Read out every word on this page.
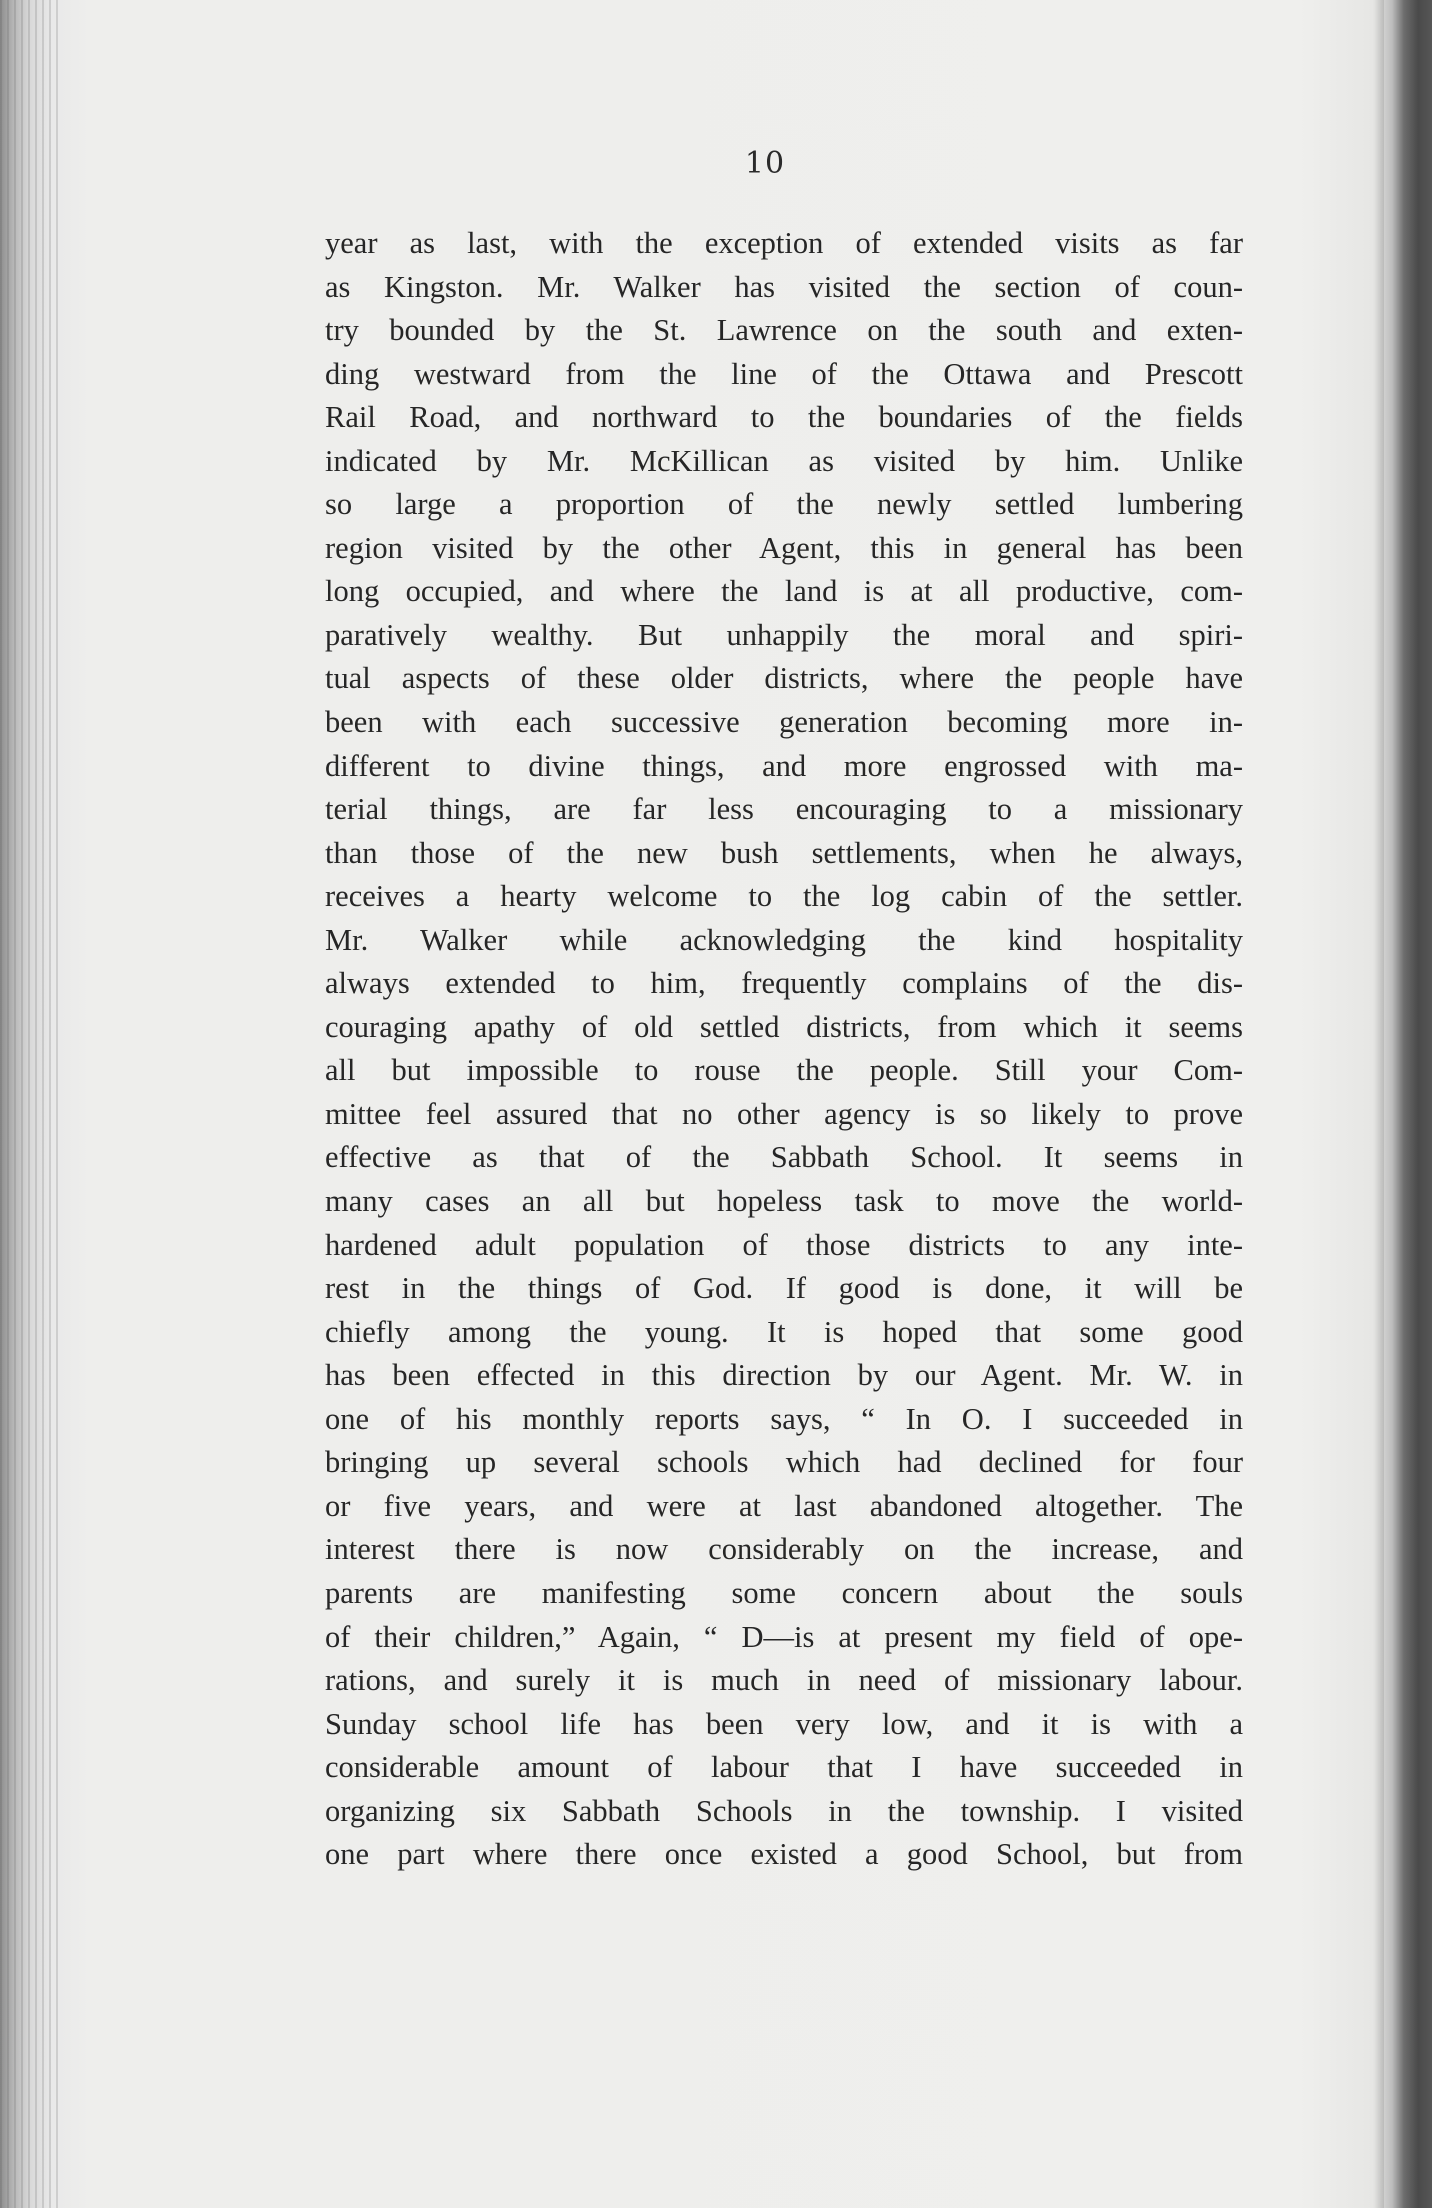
10
year as last, with the exception of extended visits as far
as Kingston. Mr. Walker has visited the section of coun-
try bounded by the St. Lawrence on the south and exten-
ding westward from the line of the Ottawa and Prescott
Rail Road, and northward to the boundaries of the fields
indicated by Mr. McKillican as visited by him. Unlike
so large a proportion of the newly settled lumbering
region visited by the other Agent, this in general has been
long occupied, and where the land is at all productive, com-
paratively wealthy. But unhappily the moral and spiri-
tual aspects of these older districts, where the people have
been with each successive generation becoming more in-
different to divine things, and more engrossed with ma-
terial things, are far less encouraging to a missionary
than those of the new bush settlements, when he always,
receives a hearty welcome to the log cabin of the settler.
Mr. Walker while acknowledging the kind hospitality
always extended to him, frequently complains of the dis-
couraging apathy of old settled districts, from which it seems
all but impossible to rouse the people. Still your Com-
mittee feel assured that no other agency is so likely to prove
effective as that of the Sabbath School. It seems in
many cases an all but hopeless task to move the world-
hardened adult population of those districts to any inte-
rest in the things of God. If good is done, it will be
chiefly among the young. It is hoped that some good
has been effected in this direction by our Agent. Mr. W. in
one of his monthly reports says, “ In O. I succeeded in
bringing up several schools which had declined for four
or five years, and were at last abandoned altogether. The
interest there is now considerably on the increase, and
parents are manifesting some concern about the souls
of their children,” Again, “ D—is at present my field of ope-
rations, and surely it is much in need of missionary labour.
Sunday school life has been very low, and it is with a
considerable amount of labour that I have succeeded in
organizing six Sabbath Schools in the township. I visited
one part where there once existed a good School, but from
